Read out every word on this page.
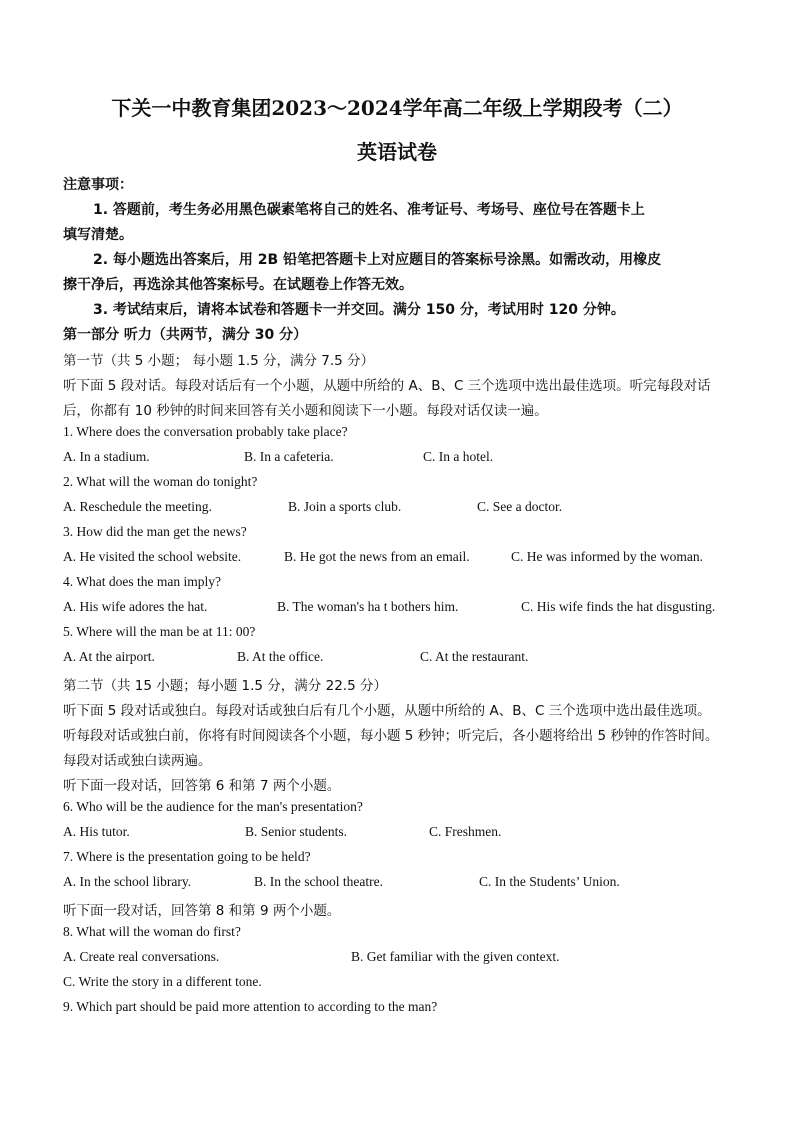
下关一中教育集团2023～2024学年高二年级上学期段考（二）
英语试卷
注意事项：
1. 答题前，考生务必用黑色碳素笔将自己的姓名、准考证号、考场号、座位号在答题卡上
填写清楚。
2. 每小题选出答案后，用 2B 铅笔把答题卡上对应题目的答案标号涂黑。如需改动，用橡皮
擦干净后，再选涂其他答案标号。在试题卷上作答无效。
3. 考试结束后，请将本试卷和答题卡一并交回。满分 150 分，考试用时 120 分钟。
第一部分 听力（共两节，满分 30 分）
第一节（共 5 小题； 每小题 1.5 分，满分 7.5 分）
听下面 5 段对话。每段对话后有一个小题，从题中所给的 A、B、C 三个选项中选出最佳选项。听完每段对话
后，你都有 10 秒钟的时间来回答有关小题和阅读下一小题。每段对话仅读一遍。
1. Where does the conversation probably take place?
A. In a stadium.	B. In a cafeteria.	C. In a hotel.
2. What will the woman do tonight?
A. Reschedule the meeting.	B. Join a sports club.	C. See a doctor.
3. How did the man get the news?
A. He visited the school website.	B. He got the news from an email.	C. He was informed by the woman.
4. What does the man imply?
A. His wife adores the hat.	B. The woman's ha t bothers him.	C. His wife finds the hat disgusting.
5. Where will the man be at 11: 00?
A. At the airport.	B. At the office.	C. At the restaurant.
第二节（共 15 小题；每小题 1.5 分，满分 22.5 分）
听下面 5 段对话或独白。每段对话或独白后有几个小题，从题中所给的 A、B、C 三个选项中选出最佳选项。
听每段对话或独白前，你将有时间阅读各个小题，每小题 5 秒钟；听完后，各小题将给出 5 秒钟的作答时间。
每段对话或独白读两遍。
听下面一段对话，回答第 6 和第 7 两个小题。
6. Who will be the audience for the man's presentation?
A. His tutor.	B. Senior students.	C. Freshmen.
7. Where is the presentation going to be held?
A. In the school library.	B. In the school theatre.	C. In the Students’ Union.
听下面一段对话，回答第 8 和第 9 两个小题。
8. What will the woman do first?
A. Create real conversations.	B. Get familiar with the given context.
C. Write the story in a different tone.
9. Which part should be paid more attention to according to the man?
